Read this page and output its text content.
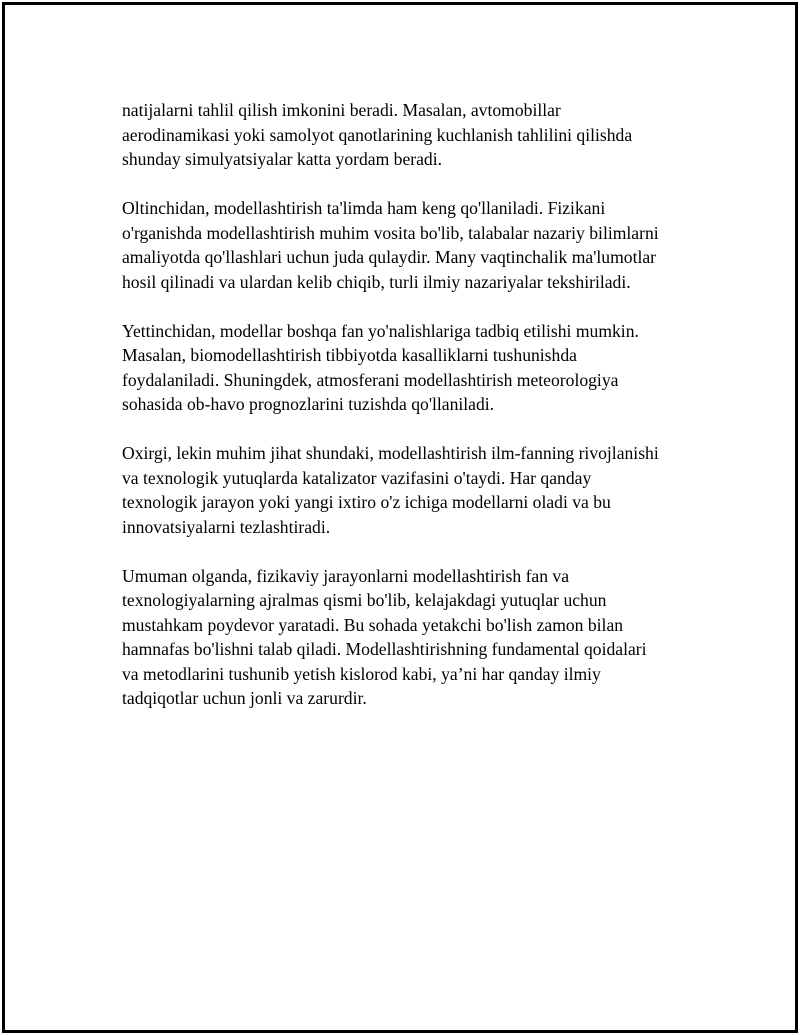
natijalarni tahlil qilish imkonini beradi. Masalan, avtomobillar
aerodinamikasi yoki samolyot qanotlarining kuchlanish tahlilini qilishda
shunday simulyatsiyalar katta yordam beradi.

Oltinchidan, modellashtirish ta'limda ham keng qo'llaniladi. Fizikani
o'rganishda modellashtirish muhim vosita bo'lib, talabalar nazariy bilimlarni
amaliyotda qo'llashlari uchun juda qulaydir. Many vaqtinchalik ma'lumotlar
hosil qilinadi va ulardan kelib chiqib, turli ilmiy nazariyalar tekshiriladi.

Yettinchidan, modellar boshqa fan yo'nalishlariga tadbiq etilishi mumkin.
Masalan, biomodellashtirish tibbiyotda kasalliklarni tushunishda
foydalaniladi. Shuningdek, atmosferani modellashtirish meteorologiya
sohasida ob-havo prognozlarini tuzishda qo'llaniladi.

Oxirgi, lekin muhim jihat shundaki, modellashtirish ilm-fanning rivojlanishi
va texnologik yutuqlarda katalizator vazifasini o'taydi. Har qanday
texnologik jarayon yoki yangi ixtiro o'z ichiga modellarni oladi va bu
innovatsiyalarni tezlashtiradi.

Umuman olganda, fizikaviy jarayonlarni modellashtirish fan va
texnologiyalarning ajralmas qismi bo'lib, kelajakdagi yutuqlar uchun
mustahkam poydevor yaratadi. Bu sohada yetakchi bo'lish zamon bilan
hamnafas bo'lishni talab qiladi. Modellashtirishning fundamental qoidalari
va metodlarini tushunib yetish kislorod kabi, ya’ni har qanday ilmiy
tadqiqotlar uchun jonli va zarurdir.
